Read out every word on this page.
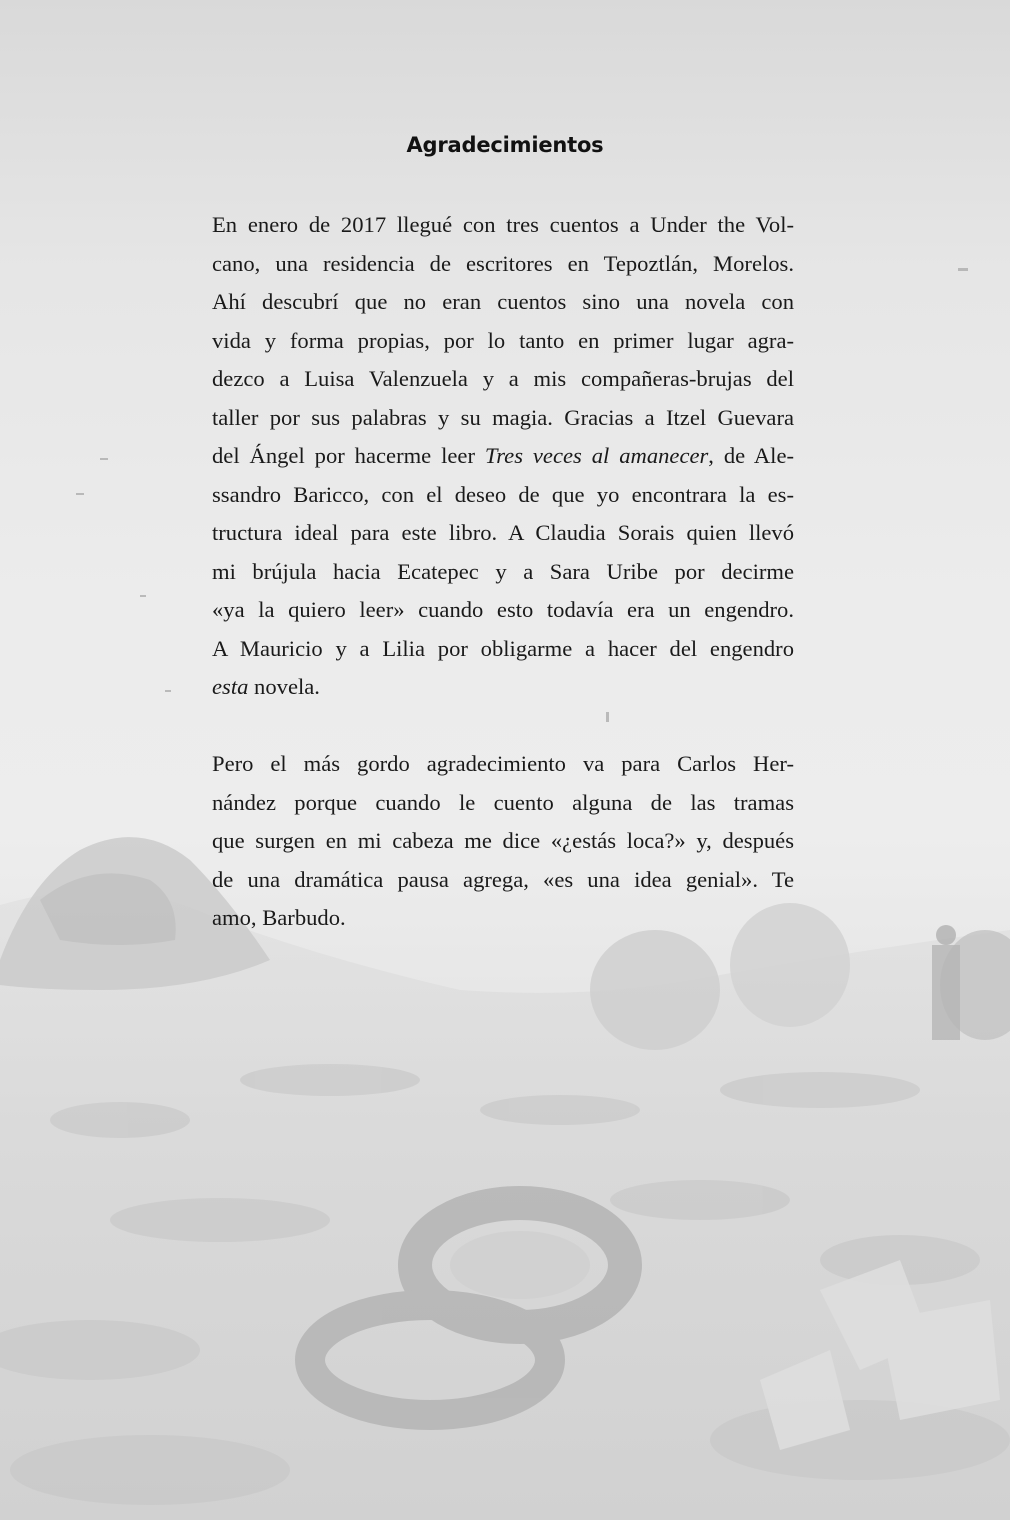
Agradecimientos
En enero de 2017 llegué con tres cuentos a Under the Vol-
cano, una residencia de escritores en Tepoztlán, Morelos.
Ahí descubrí que no eran cuentos sino una novela con
vida y forma propias, por lo tanto en primer lugar agra-
dezco a Luisa Valenzuela y a mis compañeras-brujas del
taller por sus palabras y su magia. Gracias a Itzel Guevara
del Ángel por hacerme leer Tres veces al amanecer, de Ale-
ssandro Baricco, con el deseo de que yo encontrara la es-
tructura ideal para este libro. A Claudia Sorais quien llevó
mi brújula hacia Ecatepec y a Sara Uribe por decirme
«ya la quiero leer» cuando esto todavía era un engendro.
A Mauricio y a Lilia por obligarme a hacer del engendro
esta novela.
Pero el más gordo agradecimiento va para Carlos Her-
nández porque cuando le cuento alguna de las tramas
que surgen en mi cabeza me dice «¿estás loca?» y, después
de una dramática pausa agrega, «es una idea genial». Te
amo, Barbudo.
